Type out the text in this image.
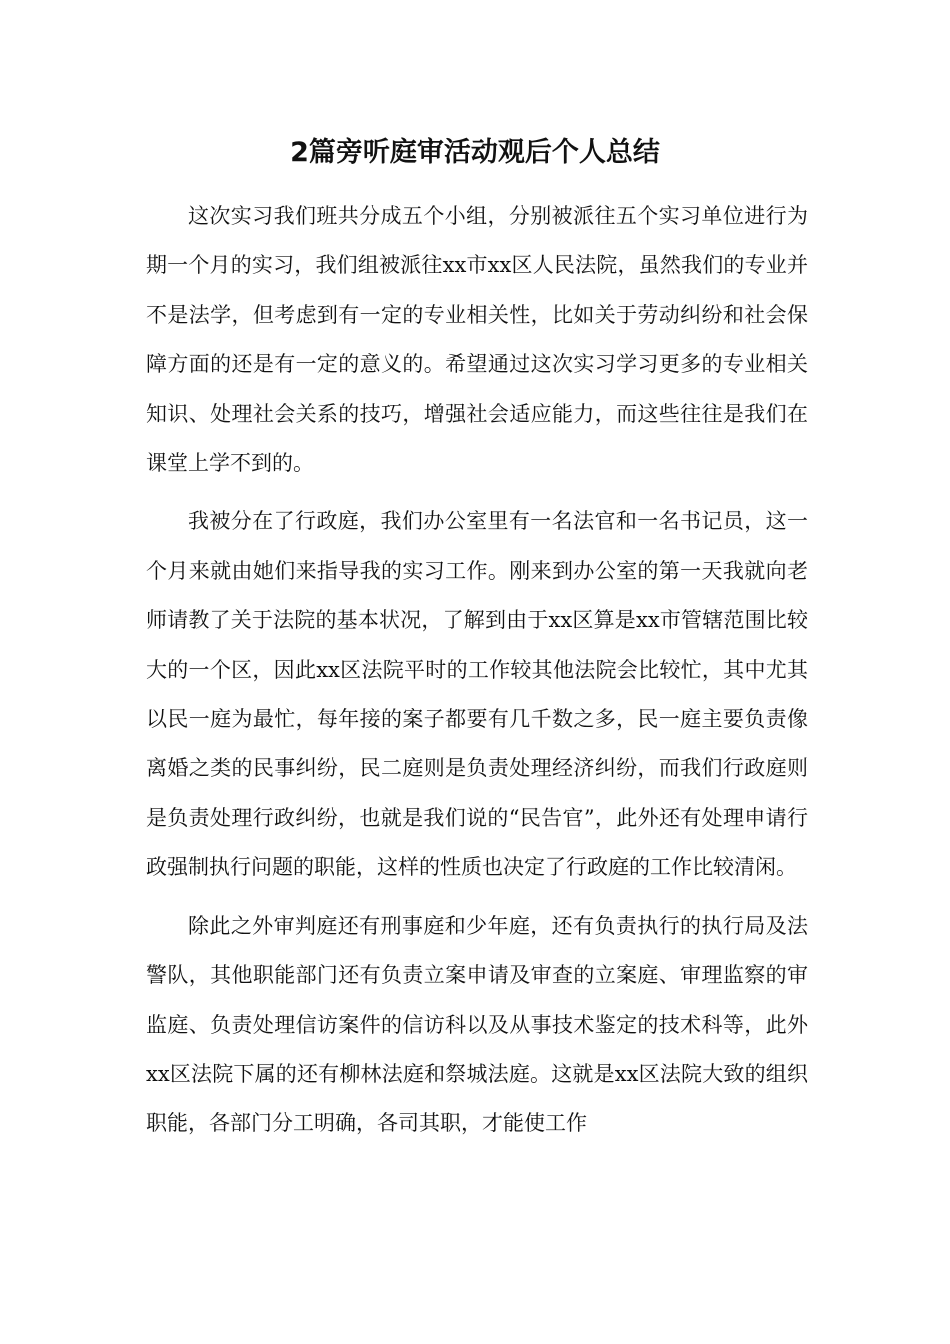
2篇旁听庭审活动观后个人总结

这次实习我们班共分成五个小组，分别被派往五个实习单位进行为期一个月的实习，我们组被派往xx市xx区人民法院，虽然我们的专业并不是法学，但考虑到有一定的专业相关性，比如关于劳动纠纷和社会保障方面的还是有一定的意义的。希望通过这次实习学习更多的专业相关知识、处理社会关系的技巧，增强社会适应能力，而这些往往是我们在课堂上学不到的。

我被分在了行政庭，我们办公室里有一名法官和一名书记员，这一个月来就由她们来指导我的实习工作。刚来到办公室的第一天我就向老师请教了关于法院的基本状况，了解到由于xx区算是xx市管辖范围比较大的一个区，因此xx区法院平时的工作较其他法院会比较忙，其中尤其以民一庭为最忙，每年接的案子都要有几千数之多，民一庭主要负责像离婚之类的民事纠纷，民二庭则是负责处理经济纠纷，而我们行政庭则是负责处理行政纠纷，也就是我们说的“民告官”，此外还有处理申请行政强制执行问题的职能，这样的性质也决定了行政庭的工作比较清闲。

除此之外审判庭还有刑事庭和少年庭，还有负责执行的执行局及法警队，其他职能部门还有负责立案申请及审查的立案庭、审理监察的审监庭、负责处理信访案件的信访科以及从事技术鉴定的技术科等，此外xx区法院下属的还有柳林法庭和祭城法庭。这就是xx区法院大致的组织职能，各部门分工明确，各司其职，才能使工作
